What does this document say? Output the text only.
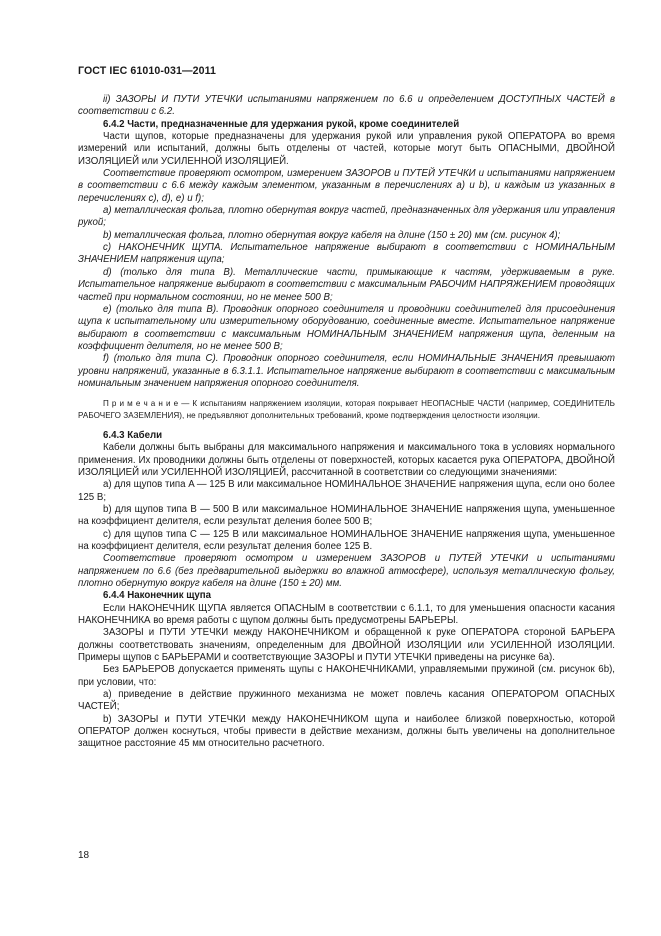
ГОСТ IEC 61010-031—2011

ii) ЗАЗОРЫ И ПУТИ УТЕЧКИ испытаниями напряжением по 6.6 и определением ДОСТУПНЫХ ЧАСТЕЙ в соответствии с 6.2.

6.4.2 Части, предназначенные для удержания рукой, кроме соединителей

Части щупов, которые предназначены для удержания рукой или управления рукой ОПЕРАТОРА во время измерений или испытаний, должны быть отделены от частей, которые могут быть ОПАСНЫМИ, ДВОЙНОЙ ИЗОЛЯЦИЕЙ или УСИЛЕННОЙ ИЗОЛЯЦИЕЙ.

Соответствие проверяют осмотром, измерением ЗАЗОРОВ и ПУТЕЙ УТЕЧКИ и испытаниями напряжением в соответствии с 6.6 между каждым элементом, указанным в перечислениях a) и b), и каждым из указанных в перечислениях c), d), e) и f);

a) металлическая фольга, плотно обернутая вокруг частей, предназначенных для удержания или управления рукой;

b) металлическая фольга, плотно обернутая вокруг кабеля на длине (150 ± 20) мм (см. рисунок 4);

c) НАКОНЕЧНИК ЩУПА. Испытательное напряжение выбирают в соответствии с НОМИНАЛЬНЫМ ЗНАЧЕНИЕМ напряжения щупа;

d) (только для типа B). Металлические части, примыкающие к частям, удерживаемым в руке. Испытательное напряжение выбирают в соответствии с максимальным РАБОЧИМ НАПРЯЖЕНИЕМ проводящих частей при нормальном состоянии, но не менее 500 В;

e) (только для типа B). Проводник опорного соединителя и проводники соединителей для присоединения щупа к испытательному или измерительному оборудованию, соединенные вместе. Испытательное напряжение выбирают в соответствии с максимальным НОМИНАЛЬНЫМ ЗНАЧЕНИЕМ напряжения щупа, деленным на коэффициент делителя, но не менее 500 В;

f) (только для типа C). Проводник опорного соединителя, если НОМИНАЛЬНЫЕ ЗНАЧЕНИЯ превышают уровни напряжений, указанные в 6.3.1.1. Испытательное напряжение выбирают в соответствии с максимальным номинальным значением напряжения опорного соединителя.

П р и м е ч а н и е — К испытаниям напряжением изоляции, которая покрывает НЕОПАСНЫЕ ЧАСТИ (например, СОЕДИНИТЕЛЬ РАБОЧЕГО ЗАЗЕМЛЕНИЯ), не предъявляют дополнительных требований, кроме подтверждения целостности изоляции.

6.4.3 Кабели

Кабели должны быть выбраны для максимального напряжения и максимального тока в условиях нормального применения. Их проводники должны быть отделены от поверхностей, которых касается рука ОПЕРАТОРА, ДВОЙНОЙ ИЗОЛЯЦИЕЙ или УСИЛЕННОЙ ИЗОЛЯЦИЕЙ, рассчитанной в соответствии со следующими значениями:

a) для щупов типа A — 125 В или максимальное НОМИНАЛЬНОЕ ЗНАЧЕНИЕ напряжения щупа, если оно более 125 В;

b) для щупов типа B — 500 В или максимальное НОМИНАЛЬНОЕ ЗНАЧЕНИЕ напряжения щупа, уменьшенное на коэффициент делителя, если результат деления более 500 В;

c) для щупов типа C — 125 В или максимальное НОМИНАЛЬНОЕ ЗНАЧЕНИЕ напряжения щупа, уменьшенное на коэффициент делителя, если результат деления более 125 В.

Соответствие проверяют осмотром и измерением ЗАЗОРОВ и ПУТЕЙ УТЕЧКИ и испытаниями напряжением по 6.6 (без предварительной выдержки во влажной атмосфере), используя металлическую фольгу, плотно обернутую вокруг кабеля на длине (150 ± 20) мм.

6.4.4 Наконечник щупа

Если НАКОНЕЧНИК ЩУПА является ОПАСНЫМ в соответствии с 6.1.1, то для уменьшения опасности касания НАКОНЕЧНИКА во время работы с щупом должны быть предусмотрены БАРЬЕРЫ.

ЗАЗОРЫ и ПУТИ УТЕЧКИ между НАКОНЕЧНИКОМ и обращенной к руке ОПЕРАТОРА стороной БАРЬЕРА должны соответствовать значениям, определенным для ДВОЙНОЙ ИЗОЛЯЦИИ или УСИЛЕННОЙ ИЗОЛЯЦИИ. Примеры щупов с БАРЬЕРАМИ и соответствующие ЗАЗОРЫ и ПУТИ УТЕЧКИ приведены на рисунке 6а).

Без БАРЬЕРОВ допускается применять щупы с НАКОНЕЧНИКАМИ, управляемыми пружиной (см. рисунок 6b), при условии, что:

a) приведение в действие пружинного механизма не может повлечь касания ОПЕРАТОРОМ ОПАСНЫХ ЧАСТЕЙ;

b) ЗАЗОРЫ и ПУТИ УТЕЧКИ между НАКОНЕЧНИКОМ щупа и наиболее близкой поверхностью, которой ОПЕРАТОР должен коснуться, чтобы привести в действие механизм, должны быть увеличены на дополнительное защитное расстояние 45 мм относительно расчетного.

18
